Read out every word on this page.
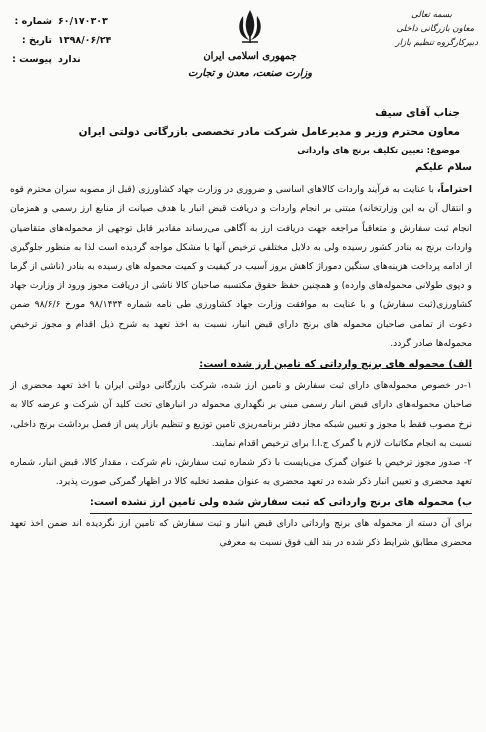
۶۰/۱۷۰۳۰۳
شماره :
۱۳۹۸/۰۶/۲۴
تاریخ :
ندارد
پیوست :	جمهوری اسلامی ایران
وزارت صنعت، معدن و تجارت
بسمه تعالی
معاون بازرگانی داخلی
دبیرکارگروه تنظیم بازار
جناب آقای سیف
معاون محترم وزیر و مدیرعامل شرکت مادر تخصصی بازرگانی دولتی ایران
موضوع: تعیین تکلیف برنج های وارداتی

سلام علیکم

احتراماً، با عنایت به فرآیند واردات کالاهای اساسی و ضروری در وزارت جهاد کشاورزی (قبل از مصوبه سران محترم قوه و انتقال آن به این وزارتخانه) مبتنی بر انجام واردات و دریافت قبض انبار با هدف صیانت از منابع ارز رسمی و همزمان انجام ثبت سفارش و متعاقباً مراجعه جهت دریافت ارز به آگاهی می‌رساند مقادیر قابل توجهی از محموله‌های متقاضیان واردات برنج به بنادر کشور رسیده ولی به دلایل مختلفی ترخیص آنها با مشکل مواجه گردیده است لذا به منظور جلوگیری از ادامه پرداخت هزینه‌های سنگین دموراژ کاهش بروز آسیب در کیفیت و کمیت محموله های رسیده به بنادر (ناشی از گرما و دپوی طولانی محموله‌های وارده) و همچنین حفظ حقوق مکتسبه صاحبان کالا ناشی از دریافت مجوز ورود از وزارت جهاد کشاورزی(ثبت سفارش) و با عنایت به موافقت وزارت جهاد کشاورزی طی نامه شماره ۹۸/۱۴۳۴ مورخ ۹۸/۶/۶ ضمن دعوت از تمامی صاحبان محموله های برنج دارای قبض انبار، نسبت به اخذ تعهد به شرح ذیل اقدام و مجوز ترخیص محموله‌ها صادر گردد.

الف) محموله های برنج وارداتی که تامین ارز شده است:

۱-در خصوص محموله‌های دارای ثبت سفارش و تامین ارز شده، شرکت بازرگانی دولتی ایران با اخذ تعهد محضری از صاحبان محموله‌های دارای قبض انبار رسمی مبنی بر نگهداری محموله در انبارهای تحت کلید آن شرکت و عرضه کالا به نرخ مصوب فقط با مجوز و تعیین شبکه مجاز دفتر برنامه‌ریزی تامین توزیع و تنظیم بازار پس از فصل برداشت برنج داخلی، نسبت به انجام مکاتبات لازم با گمرک ج.ا.ا برای ترخیص اقدام نمایند.

۲- صدور مجوز ترخیص با عنوان گمرک می‌بایست با ذکر شماره ثبت سفارش، نام شرکت ، مقدار کالا، قبض انبار، شماره تعهد محضری و تعیین انبار ذکر شده در تعهد محضری به عنوان مقصد تخلیه کالا در اظهار گمرکی صورت پذیرد.

ب) محموله های برنج وارداتی که ثبت سفارش شده ولی تامین ارز نشده است:

برای آن دسته از محموله های برنج وارداتی دارای قبض انبار و ثبت سفارش که تامین ارز نگردیده اند ضمن اخذ تعهد محضری مطابق شرایط ذکر شده در بند الف فوق نسبت به معرفی
